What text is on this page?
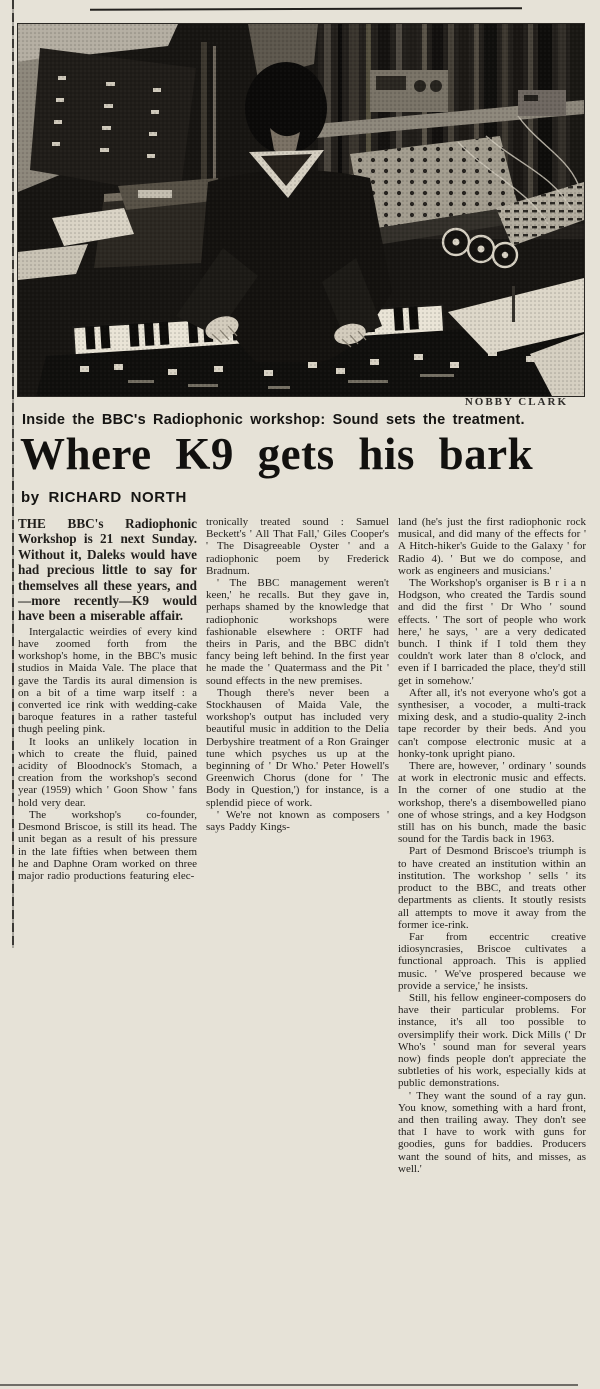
NOBBY CLARK
Inside the BBC's Radiophonic workshop: Sound sets the treatment.
Where K9 gets his bark
by RICHARD NORTH

THE BBC's Radiophonic Workshop is 21 next Sunday. Without it, Daleks would have had precious little to say for themselves all these years, and—more recently—K9 would have been a miserable affair.

Intergalactic weirdies of every kind have zoomed forth from the workshop's home, in the BBC's music studios in Maida Vale. The place that gave the Tardis its aural dimension is on a bit of a time warp itself : a converted ice rink with wedding-cake baroque features in a rather tasteful thugh peeling pink.

It looks an unlikely location in which to create the fluid, pained acidity of Bloodnock's Stomach, a creation from the workshop's second year (1959) which ' Goon Show ' fans hold very dear.

The workshop's co-founder, Desmond Briscoe, is still its head. The unit began as a result of his pressure in the late fifties when between them he and Daphne Oram worked on three major radio productions featuring elec-

tronically treated sound : Samuel Beckett's ' All That Fall,' Giles Cooper's ' The Disagreeable Oyster ' and a radiophonic poem by Frederick Bradnum.

' The BBC management weren't keen,' he recalls. But they gave in, perhaps shamed by the knowledge that radiophonic workshops were fashionable elsewhere : ORTF had theirs in Paris, and the BBC didn't fancy being left behind. In the first year he made the ' Quatermass and the Pit ' sound effects in the new premises.

Though there's never been a Stockhausen of Maida Vale, the workshop's output has included very beautiful music in addition to the Delia Derbyshire treatment of a Ron Grainger tune which psyches us up at the beginning of ' Dr Who.' Peter Howell's Greenwich Chorus (done for ' The Body in Question,') for instance, is a splendid piece of work.

' We're not known as composers ' says Paddy Kings-

land (he's just the first radiophonic rock musical, and did many of the effects for ' A Hitch-hiker's Guide to the Galaxy ' for Radio 4). ' But we do compose, and work as engineers and musicians.'

The Workshop's organiser is B r i a n Hodgson, who created the Tardis sound and did the first ' Dr Who ' sound effects. ' The sort of people who work here,' he says, ' are a very dedicated bunch. I think if I told them they couldn't work later than 8 o'clock, and even if I barricaded the place, they'd still get in somehow.'

After all, it's not everyone who's got a synthesiser, a vocoder, a multi-track mixing desk, and a studio-quality 2-inch tape recorder by their beds. And you can't compose electronic music at a honky-tonk upright piano.

There are, however, ' ordinary ' sounds at work in electronic music and effects. In the corner of one studio at the workshop, there's a disembowelled piano one of whose strings, and a key Hodgson still has on his bunch, made the basic sound for the Tardis back in 1963.

Part of Desmond Briscoe's triumph is to have created an institution within an institution. The workshop ' sells ' its product to the BBC, and treats other departments as clients. It stoutly resists all attempts to move it away from the former ice-rink.

Far from eccentric creative idiosyncrasies, Briscoe cultivates a functional approach. This is applied music. ' We've prospered because we provide a service,' he insists.

Still, his fellow engineer-composers do have their particular problems. For instance, it's all too possible to oversimplify their work. Dick Mills (' Dr Who's ' sound man for several years now) finds people don't appreciate the subtleties of his work, especially kids at public demonstrations.

' They want the sound of a ray gun. You know, something with a hard front, and then trailing away. They don't see that I have to work with guns for goodies, guns for baddies. Producers want the sound of hits, and misses, as well.'
